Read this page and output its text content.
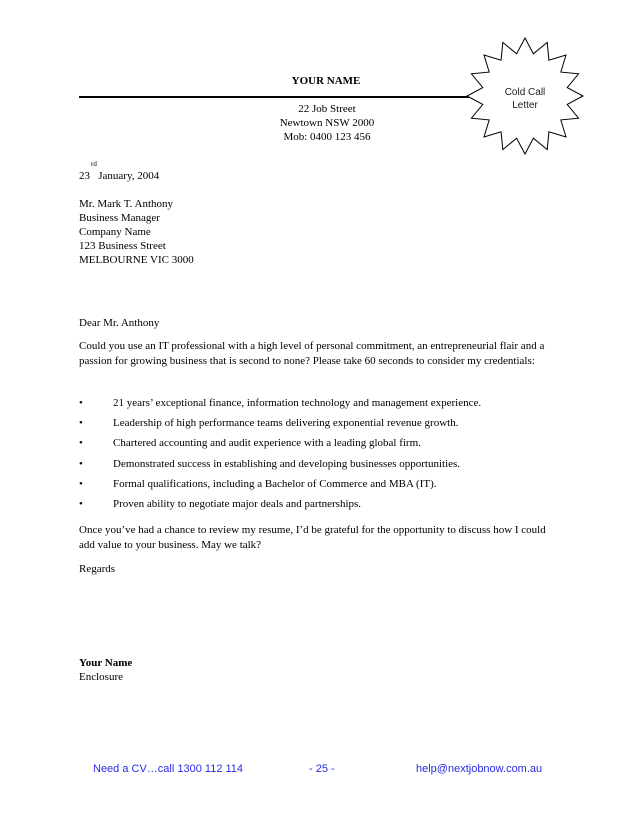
YOUR NAME
22 Job Street
Newtown NSW 2000
Mob: 0400 123 456
Cold Call
Letter
rd
23 January, 2004
Mr. Mark T. Anthony
Business Manager
Company Name
123 Business Street
MELBOURNE VIC 3000
Dear Mr. Anthony
Could you use an IT professional with a high level of personal commitment, an entrepreneurial flair and a passion for growing business that is second to none? Please take 60 seconds to consider my credentials:
•	21 years’ exceptional finance, information technology and management experience.
•	Leadership of high performance teams delivering exponential revenue growth.
•	Chartered accounting and audit experience with a leading global firm.
•	Demonstrated success in establishing and developing businesses opportunities.
•	Formal qualifications, including a Bachelor of Commerce and MBA (IT).
•	Proven ability to negotiate major deals and partnerships.
Once you’ve had a chance to review my resume, I’d be grateful for the opportunity to discuss how I could add value to your business. May we talk?
Regards
Your Name
Enclosure
Need a CV…call 1300 112 114	- 25 -	help@nextjobnow.com.au
